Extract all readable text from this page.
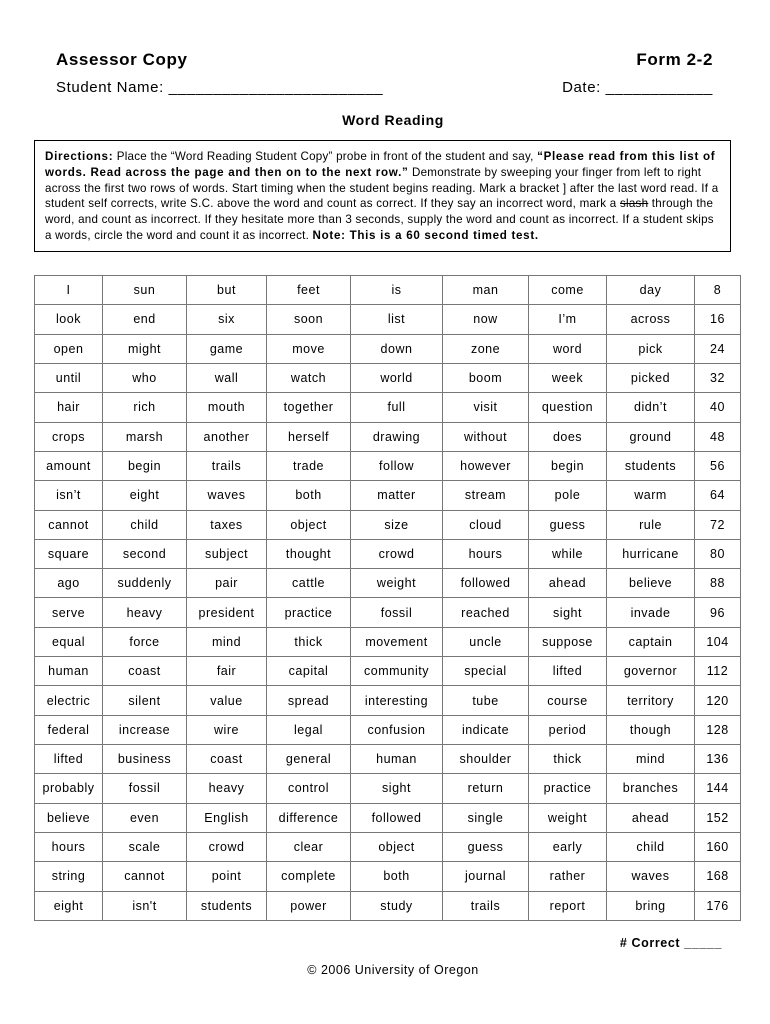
Assessor Copy	Form 2-2
Student Name: ________________________	Date: ____________
Word Reading
Directions: Place the “Word Reading Student Copy” probe in front of the student and say, “Please read from this list of words. Read across the page and then on to the next row.” Demonstrate by sweeping your finger from left to right across the first two rows of words. Start timing when the student begins reading. Mark a bracket ] after the last word read. If a student self corrects, write S.C. above the word and count as correct. If they say an incorrect word, mark a slash through the word, and count as incorrect. If they hesitate more than 3 seconds, supply the word and count as incorrect. If a student skips a words, circle the word and count it as incorrect. Note: This is a 60 second timed test.
I	sun	but	feet	is	man	come	day	8
look	end	six	soon	list	now	I’m	across	16
open	might	game	move	down	zone	word	pick	24
until	who	wall	watch	world	boom	week	picked	32
hair	rich	mouth	together	full	visit	question	didn’t	40
crops	marsh	another	herself	drawing	without	does	ground	48
amount	begin	trails	trade	follow	however	begin	students	56
isn’t	eight	waves	both	matter	stream	pole	warm	64
cannot	child	taxes	object	size	cloud	guess	rule	72
square	second	subject	thought	crowd	hours	while	hurricane	80
ago	suddenly	pair	cattle	weight	followed	ahead	believe	88
serve	heavy	president	practice	fossil	reached	sight	invade	96
equal	force	mind	thick	movement	uncle	suppose	captain	104
human	coast	fair	capital	community	special	lifted	governor	112
electric	silent	value	spread	interesting	tube	course	territory	120
federal	increase	wire	legal	confusion	indicate	period	though	128
lifted	business	coast	general	human	shoulder	thick	mind	136
probably	fossil	heavy	control	sight	return	practice	branches	144
believe	even	English	difference	followed	single	weight	ahead	152
hours	scale	crowd	clear	object	guess	early	child	160
string	cannot	point	complete	both	journal	rather	waves	168
eight	isn't	students	power	study	trails	report	bring	176
# Correct _____
© 2006 University of Oregon
